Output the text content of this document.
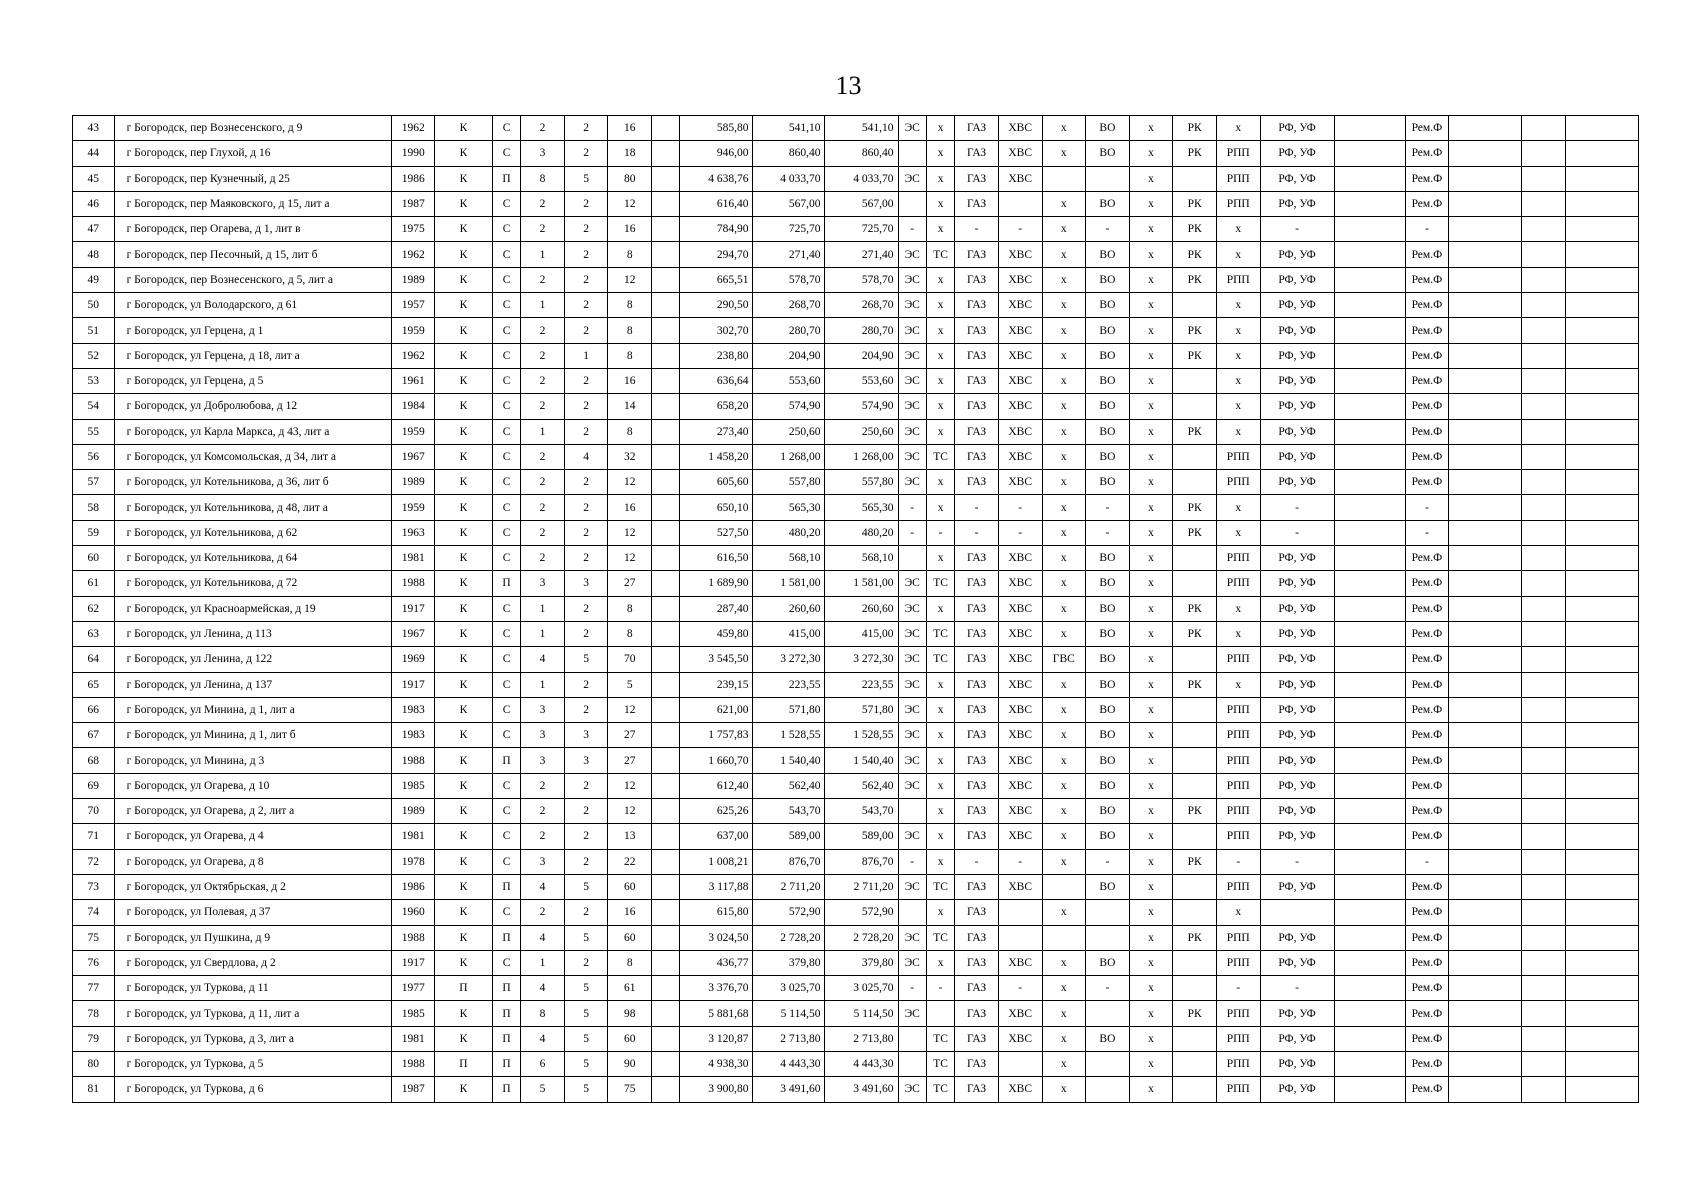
13
43	г Богородск, пер Вознесенского, д 9	1962	К	С	2	2	16		585,80	541,10	541,10	ЭС	х	ГАЗ	ХВС	х	ВО	х	РК	х	РФ, УФ		Рем.Ф			
44	г Богородск, пер Глухой, д 16	1990	К	С	3	2	18		946,00	860,40	860,40		х	ГАЗ	ХВС	х	ВО	х	РК	РПП	РФ, УФ		Рем.Ф			
45	г Богородск, пер Кузнечный, д 25	1986	К	П	8	5	80		4 638,76	4 033,70	4 033,70	ЭС	х	ГАЗ	ХВС			х		РПП	РФ, УФ		Рем.Ф			
46	г Богородск, пер Маяковского, д 15, лит а	1987	К	С	2	2	12		616,40	567,00	567,00		х	ГАЗ		х	ВО	х	РК	РПП	РФ, УФ		Рем.Ф			
47	г Богородск, пер Огарева, д 1, лит в	1975	К	С	2	2	16		784,90	725,70	725,70	-	х	-	-	х	-	х	РК	х	-		-			
48	г Богородск, пер Песочный, д 15, лит б	1962	К	С	1	2	8		294,70	271,40	271,40	ЭС	ТС	ГАЗ	ХВС	х	ВО	х	РК	х	РФ, УФ		Рем.Ф			
49	г Богородск, пер Вознесенского, д 5, лит а	1989	К	С	2	2	12		665,51	578,70	578,70	ЭС	х	ГАЗ	ХВС	х	ВО	х	РК	РПП	РФ, УФ		Рем.Ф			
50	г Богородск, ул Володарского, д 61	1957	К	С	1	2	8		290,50	268,70	268,70	ЭС	х	ГАЗ	ХВС	х	ВО	х		х	РФ, УФ		Рем.Ф			
51	г Богородск, ул Герцена, д 1	1959	К	С	2	2	8		302,70	280,70	280,70	ЭС	х	ГАЗ	ХВС	х	ВО	х	РК	х	РФ, УФ		Рем.Ф			
52	г Богородск, ул Герцена, д 18, лит а	1962	К	С	2	1	8		238,80	204,90	204,90	ЭС	х	ГАЗ	ХВС	х	ВО	х	РК	х	РФ, УФ		Рем.Ф			
53	г Богородск, ул Герцена, д 5	1961	К	С	2	2	16		636,64	553,60	553,60	ЭС	х	ГАЗ	ХВС	х	ВО	х		х	РФ, УФ		Рем.Ф			
54	г Богородск, ул Добролюбова, д 12	1984	К	С	2	2	14		658,20	574,90	574,90	ЭС	х	ГАЗ	ХВС	х	ВО	х		х	РФ, УФ		Рем.Ф			
55	г Богородск, ул Карла Маркса, д 43, лит а	1959	К	С	1	2	8		273,40	250,60	250,60	ЭС	х	ГАЗ	ХВС	х	ВО	х	РК	х	РФ, УФ		Рем.Ф			
56	г Богородск, ул Комсомольская, д 34, лит а	1967	К	С	2	4	32		1 458,20	1 268,00	1 268,00	ЭС	ТС	ГАЗ	ХВС	х	ВО	х		РПП	РФ, УФ		Рем.Ф			
57	г Богородск, ул Котельникова, д 36, лит б	1989	К	С	2	2	12		605,60	557,80	557,80	ЭС	х	ГАЗ	ХВС	х	ВО	х		РПП	РФ, УФ		Рем.Ф			
58	г Богородск, ул Котельникова, д 48, лит а	1959	К	С	2	2	16		650,10	565,30	565,30	-	х	-	-	х	-	х	РК	х	-		-			
59	г Богородск, ул Котельникова, д 62	1963	К	С	2	2	12		527,50	480,20	480,20	-	-	-	-	х	-	х	РК	х	-		-			
60	г Богородск, ул Котельникова, д 64	1981	К	С	2	2	12		616,50	568,10	568,10		х	ГАЗ	ХВС	х	ВО	х		РПП	РФ, УФ		Рем.Ф			
61	г Богородск, ул Котельникова, д 72	1988	К	П	3	3	27		1 689,90	1 581,00	1 581,00	ЭС	ТС	ГАЗ	ХВС	х	ВО	х		РПП	РФ, УФ		Рем.Ф			
62	г Богородск, ул Красноармейская, д 19	1917	К	С	1	2	8		287,40	260,60	260,60	ЭС	х	ГАЗ	ХВС	х	ВО	х	РК	х	РФ, УФ		Рем.Ф			
63	г Богородск, ул Ленина, д 113	1967	К	С	1	2	8		459,80	415,00	415,00	ЭС	ТС	ГАЗ	ХВС	х	ВО	х	РК	х	РФ, УФ		Рем.Ф			
64	г Богородск, ул Ленина, д 122	1969	К	С	4	5	70		3 545,50	3 272,30	3 272,30	ЭС	ТС	ГАЗ	ХВС	ГВС	ВО	х		РПП	РФ, УФ		Рем.Ф			
65	г Богородск, ул Ленина, д 137	1917	К	С	1	2	5		239,15	223,55	223,55	ЭС	х	ГАЗ	ХВС	х	ВО	х	РК	х	РФ, УФ		Рем.Ф			
66	г Богородск, ул Минина, д 1, лит а	1983	К	С	3	2	12		621,00	571,80	571,80	ЭС	х	ГАЗ	ХВС	х	ВО	х		РПП	РФ, УФ		Рем.Ф			
67	г Богородск, ул Минина, д 1, лит б	1983	К	С	3	3	27		1 757,83	1 528,55	1 528,55	ЭС	х	ГАЗ	ХВС	х	ВО	х		РПП	РФ, УФ		Рем.Ф			
68	г Богородск, ул Минина, д 3	1988	К	П	3	3	27		1 660,70	1 540,40	1 540,40	ЭС	х	ГАЗ	ХВС	х	ВО	х		РПП	РФ, УФ		Рем.Ф			
69	г Богородск, ул Огарева, д 10	1985	К	С	2	2	12		612,40	562,40	562,40	ЭС	х	ГАЗ	ХВС	х	ВО	х		РПП	РФ, УФ		Рем.Ф			
70	г Богородск, ул Огарева, д 2, лит а	1989	К	С	2	2	12		625,26	543,70	543,70		х	ГАЗ	ХВС	х	ВО	х	РК	РПП	РФ, УФ		Рем.Ф			
71	г Богородск, ул Огарева, д 4	1981	К	С	2	2	13		637,00	589,00	589,00	ЭС	х	ГАЗ	ХВС	х	ВО	х		РПП	РФ, УФ		Рем.Ф			
72	г Богородск, ул Огарева, д 8	1978	К	С	3	2	22		1 008,21	876,70	876,70	-	х	-	-	х	-	х	РК	-	-		-			
73	г Богородск, ул Октябрьская, д 2	1986	К	П	4	5	60		3 117,88	2 711,20	2 711,20	ЭС	ТС	ГАЗ	ХВС		ВО	х		РПП	РФ, УФ		Рем.Ф			
74	г Богородск, ул Полевая, д 37	1960	К	С	2	2	16		615,80	572,90	572,90		х	ГАЗ		х		х		х			Рем.Ф			
75	г Богородск, ул Пушкина, д 9	1988	К	П	4	5	60		3 024,50	2 728,20	2 728,20	ЭС	ТС	ГАЗ				х	РК	РПП	РФ, УФ		Рем.Ф			
76	г Богородск, ул Свердлова, д 2	1917	К	С	1	2	8		436,77	379,80	379,80	ЭС	х	ГАЗ	ХВС	х	ВО	х		РПП	РФ, УФ		Рем.Ф			
77	г Богородск, ул Туркова, д 11	1977	П	П	4	5	61		3 376,70	3 025,70	3 025,70	-	-	ГАЗ	-	х	-	х		-	-		Рем.Ф			
78	г Богородск, ул Туркова, д 11, лит а	1985	К	П	8	5	98		5 881,68	5 114,50	5 114,50	ЭС		ГАЗ	ХВС	х		х	РК	РПП	РФ, УФ		Рем.Ф			
79	г Богородск, ул Туркова, д 3, лит а	1981	К	П	4	5	60		3 120,87	2 713,80	2 713,80		ТС	ГАЗ	ХВС	х	ВО	х		РПП	РФ, УФ		Рем.Ф			
80	г Богородск, ул Туркова, д 5	1988	П	П	6	5	90		4 938,30	4 443,30	4 443,30		ТС	ГАЗ		х		х		РПП	РФ, УФ		Рем.Ф			
81	г Богородск, ул Туркова, д 6	1987	К	П	5	5	75		3 900,80	3 491,60	3 491,60	ЭС	ТС	ГАЗ	ХВС	х		х		РПП	РФ, УФ		Рем.Ф			
